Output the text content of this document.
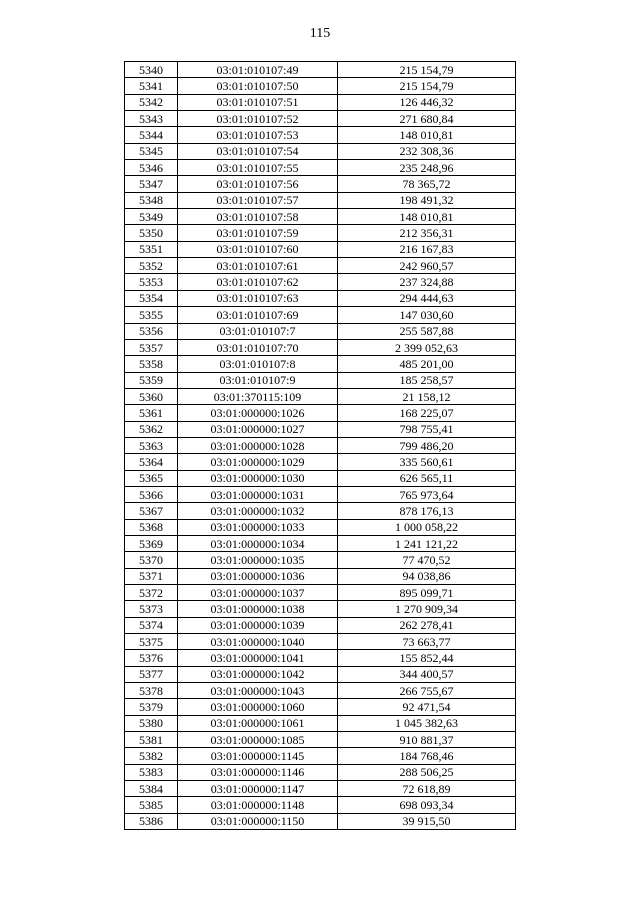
115
5340	03:01:010107:49	215 154,79
5341	03:01:010107:50	215 154,79
5342	03:01:010107:51	126 446,32
5343	03:01:010107:52	271 680,84
5344	03:01:010107:53	148 010,81
5345	03:01:010107:54	232 308,36
5346	03:01:010107:55	235 248,96
5347	03:01:010107:56	78 365,72
5348	03:01:010107:57	198 491,32
5349	03:01:010107:58	148 010,81
5350	03:01:010107:59	212 356,31
5351	03:01:010107:60	216 167,83
5352	03:01:010107:61	242 960,57
5353	03:01:010107:62	237 324,88
5354	03:01:010107:63	294 444,63
5355	03:01:010107:69	147 030,60
5356	03:01:010107:7	255 587,88
5357	03:01:010107:70	2 399 052,63
5358	03:01:010107:8	485 201,00
5359	03:01:010107:9	185 258,57
5360	03:01:370115:109	21 158,12
5361	03:01:000000:1026	168 225,07
5362	03:01:000000:1027	798 755,41
5363	03:01:000000:1028	799 486,20
5364	03:01:000000:1029	335 560,61
5365	03:01:000000:1030	626 565,11
5366	03:01:000000:1031	765 973,64
5367	03:01:000000:1032	878 176,13
5368	03:01:000000:1033	1 000 058,22
5369	03:01:000000:1034	1 241 121,22
5370	03:01:000000:1035	77 470,52
5371	03:01:000000:1036	94 038,86
5372	03:01:000000:1037	895 099,71
5373	03:01:000000:1038	1 270 909,34
5374	03:01:000000:1039	262 278,41
5375	03:01:000000:1040	73 663,77
5376	03:01:000000:1041	155 852,44
5377	03:01:000000:1042	344 400,57
5378	03:01:000000:1043	266 755,67
5379	03:01:000000:1060	92 471,54
5380	03:01:000000:1061	1 045 382,63
5381	03:01:000000:1085	910 881,37
5382	03:01:000000:1145	184 768,46
5383	03:01:000000:1146	288 506,25
5384	03:01:000000:1147	72 618,89
5385	03:01:000000:1148	698 093,34
5386	03:01:000000:1150	39 915,50
